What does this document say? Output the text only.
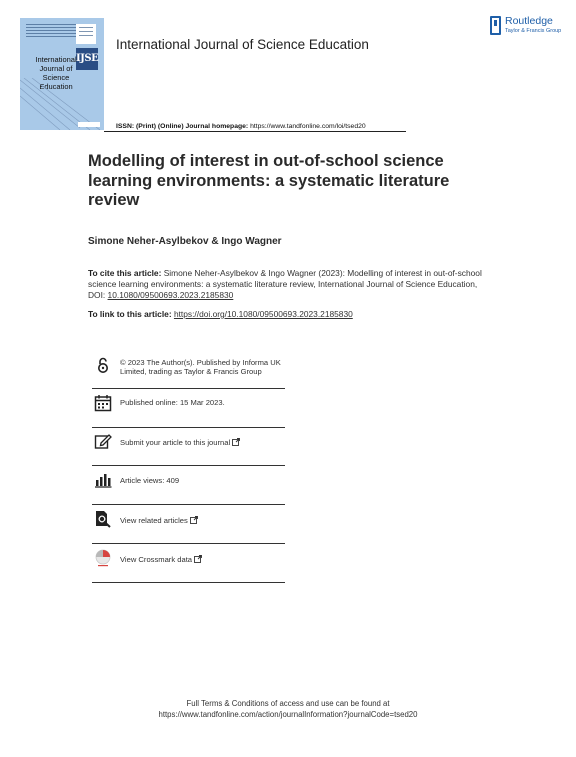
IJSE
International
Journal of
Science
Education
International Journal of Science Education
Routledge
Taylor & Francis Group
ISSN: (Print) (Online) Journal homepage: https://www.tandfonline.com/loi/tsed20
Modelling of interest in out-of-school science learning environments: a systematic literature review
Simone Neher-Asylbekov & Ingo Wagner
To cite this article: Simone Neher-Asylbekov & Ingo Wagner (2023): Modelling of interest in out-of-school science learning environments: a systematic literature review, International Journal of Science Education, DOI: 10.1080/09500693.2023.2185830
To link to this article: https://doi.org/10.1080/09500693.2023.2185830
© 2023 The Author(s). Published by Informa UK Limited, trading as Taylor & Francis Group
Published online: 15 Mar 2023.
Submit your article to this journal
Article views: 409
View related articles
View Crossmark data
Full Terms & Conditions of access and use can be found at
https://www.tandfonline.com/action/journalInformation?journalCode=tsed20
